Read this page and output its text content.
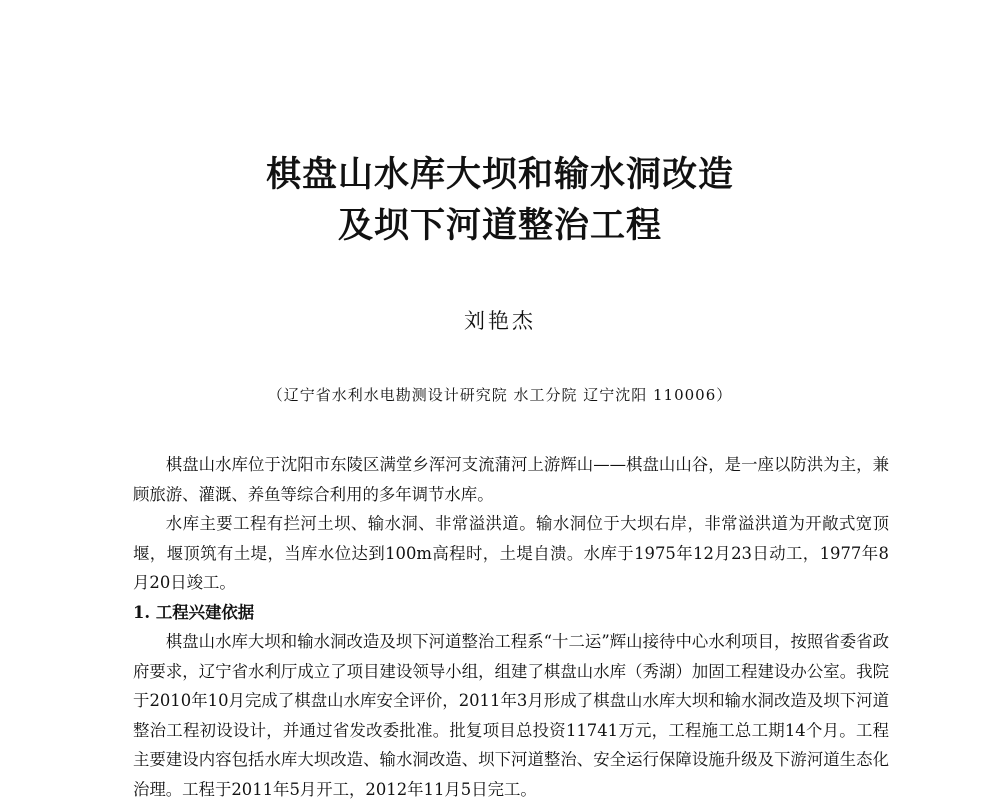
棋盘山水库大坝和输水洞改造
及坝下河道整治工程
刘艳杰
（辽宁省水利水电勘测设计研究院 水工分院 辽宁沈阳 110006）

棋盘山水库位于沈阳市东陵区满堂乡浑河支流蒲河上游辉山——棋盘山山谷，是一座以防洪为主，兼顾旅游、灌溉、养鱼等综合利用的多年调节水库。

水库主要工程有拦河土坝、输水洞、非常溢洪道。输水洞位于大坝右岸，非常溢洪道为开敞式宽顶堰，堰顶筑有土堤，当库水位达到100m高程时，土堤自溃。水库于1975年12月23日动工，1977年8月20日竣工。

1. 工程兴建依据

棋盘山水库大坝和输水洞改造及坝下河道整治工程系“十二运”辉山接待中心水利项目，按照省委省政府要求，辽宁省水利厅成立了项目建设领导小组，组建了棋盘山水库（秀湖）加固工程建设办公室。我院于2010年10月完成了棋盘山水库安全评价，2011年3月形成了棋盘山水库大坝和输水洞改造及坝下河道整治工程初设设计，并通过省发改委批准。批复项目总投资11741万元，工程施工总工期14个月。工程主要建设内容包括水库大坝改造、输水洞改造、坝下河道整治、安全运行保障设施升级及下游河道生态化治理。工程于2011年5月开工，2012年11月5日完工。
